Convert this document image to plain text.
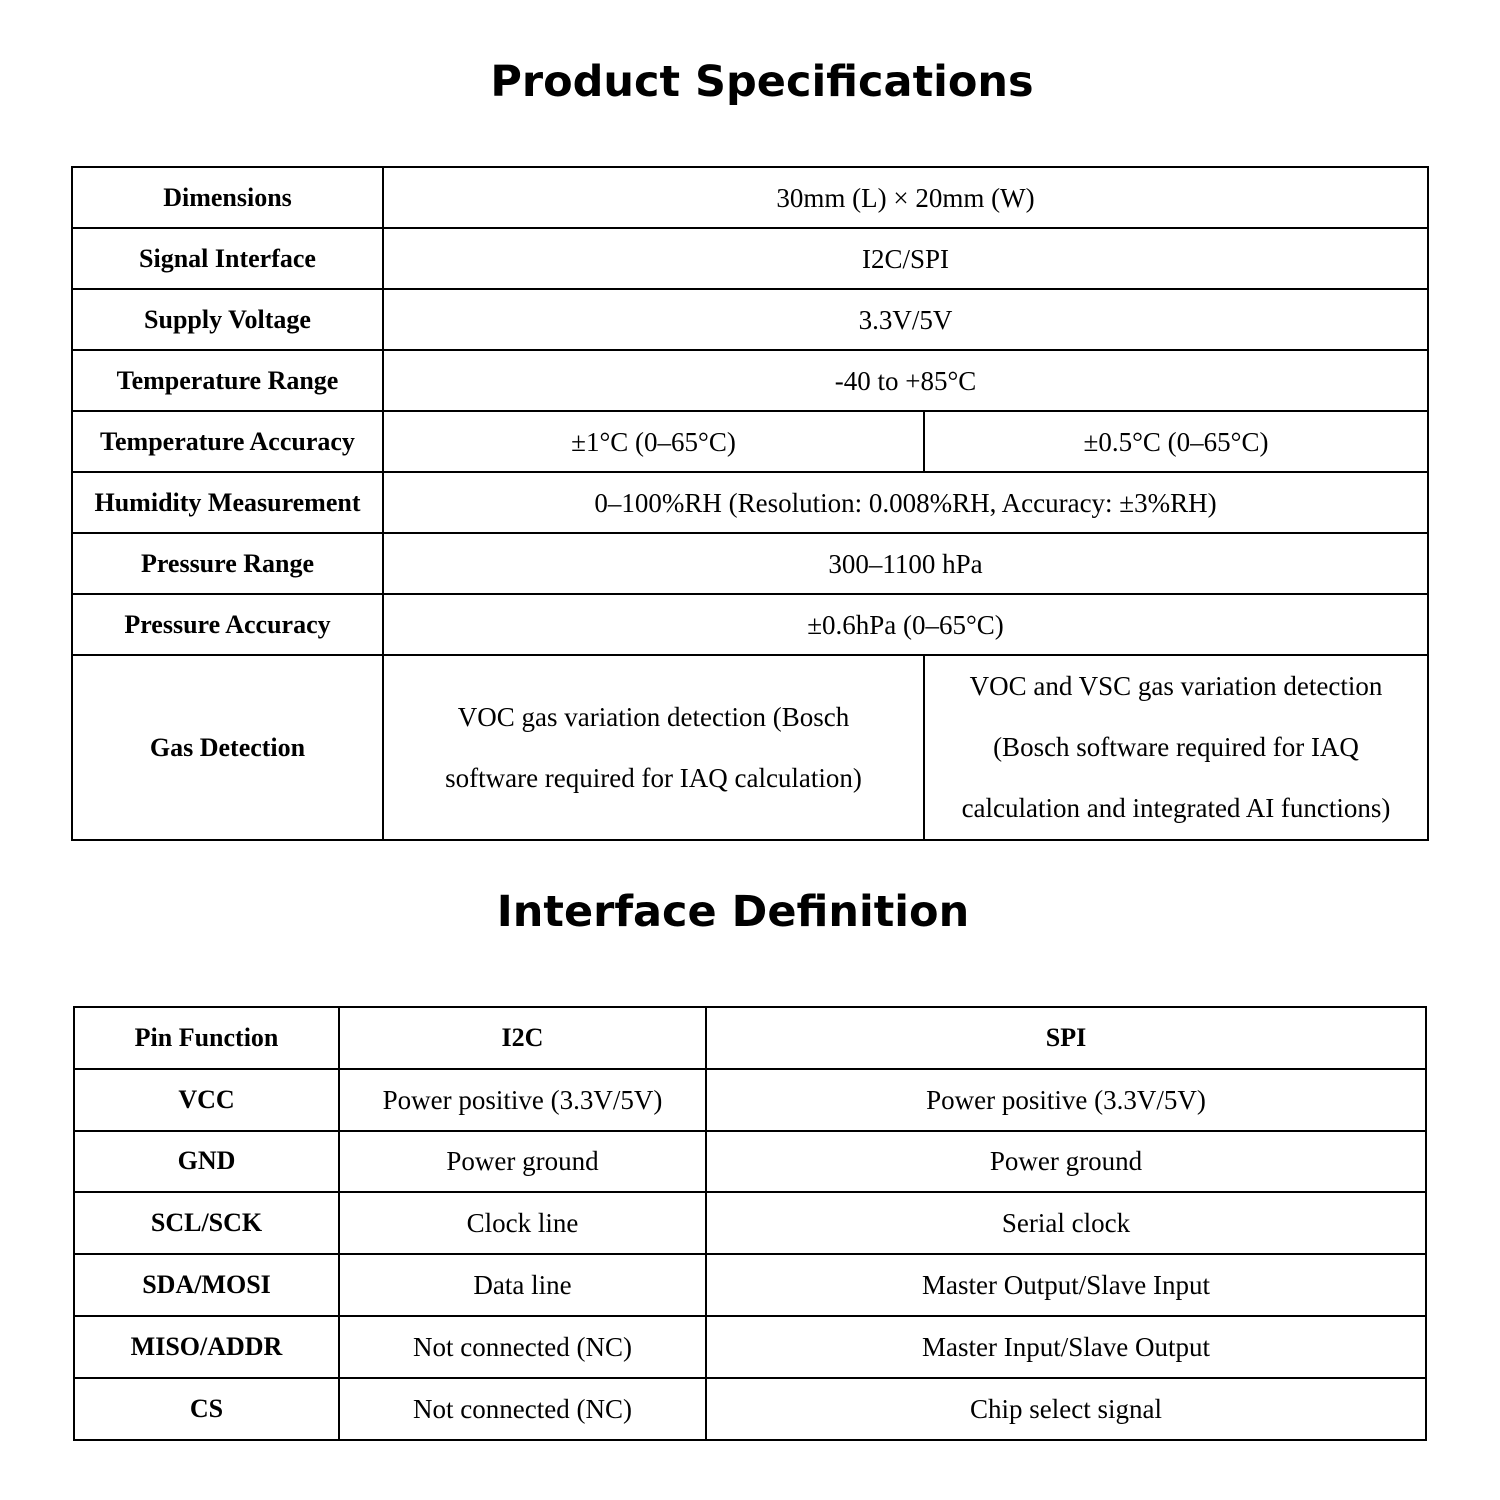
Product Specifications
Dimensions	30mm (L) × 20mm (W)	
Signal Interface	I2C/SPI	
Supply Voltage	3.3V/5V	
Temperature Range	-40 to +85°C	
Temperature Accuracy	±1°C (0–65°C)	±0.5°C (0–65°C)
Humidity Measurement	0–100%RH (Resolution: 0.008%RH, Accuracy: ±3%RH)	
Pressure Range	300–1100 hPa	
Pressure Accuracy	±0.6hPa (0–65°C)	
Gas Detection	VOC gas variation detection (Bosch software required for IAQ calculation)	VOC and VSC gas variation detection (Bosch software required for IAQ calculation and integrated AI functions)
Interface Definition
Pin Function	I2C	SPI
VCC	Power positive (3.3V/5V)	Power positive (3.3V/5V)
GND	Power ground	Power ground
SCL/SCK	Clock line	Serial clock
SDA/MOSI	Data line	Master Output/Slave Input
MISO/ADDR	Not connected (NC)	Master Input/Slave Output
CS	Not connected (NC)	Chip select signal
